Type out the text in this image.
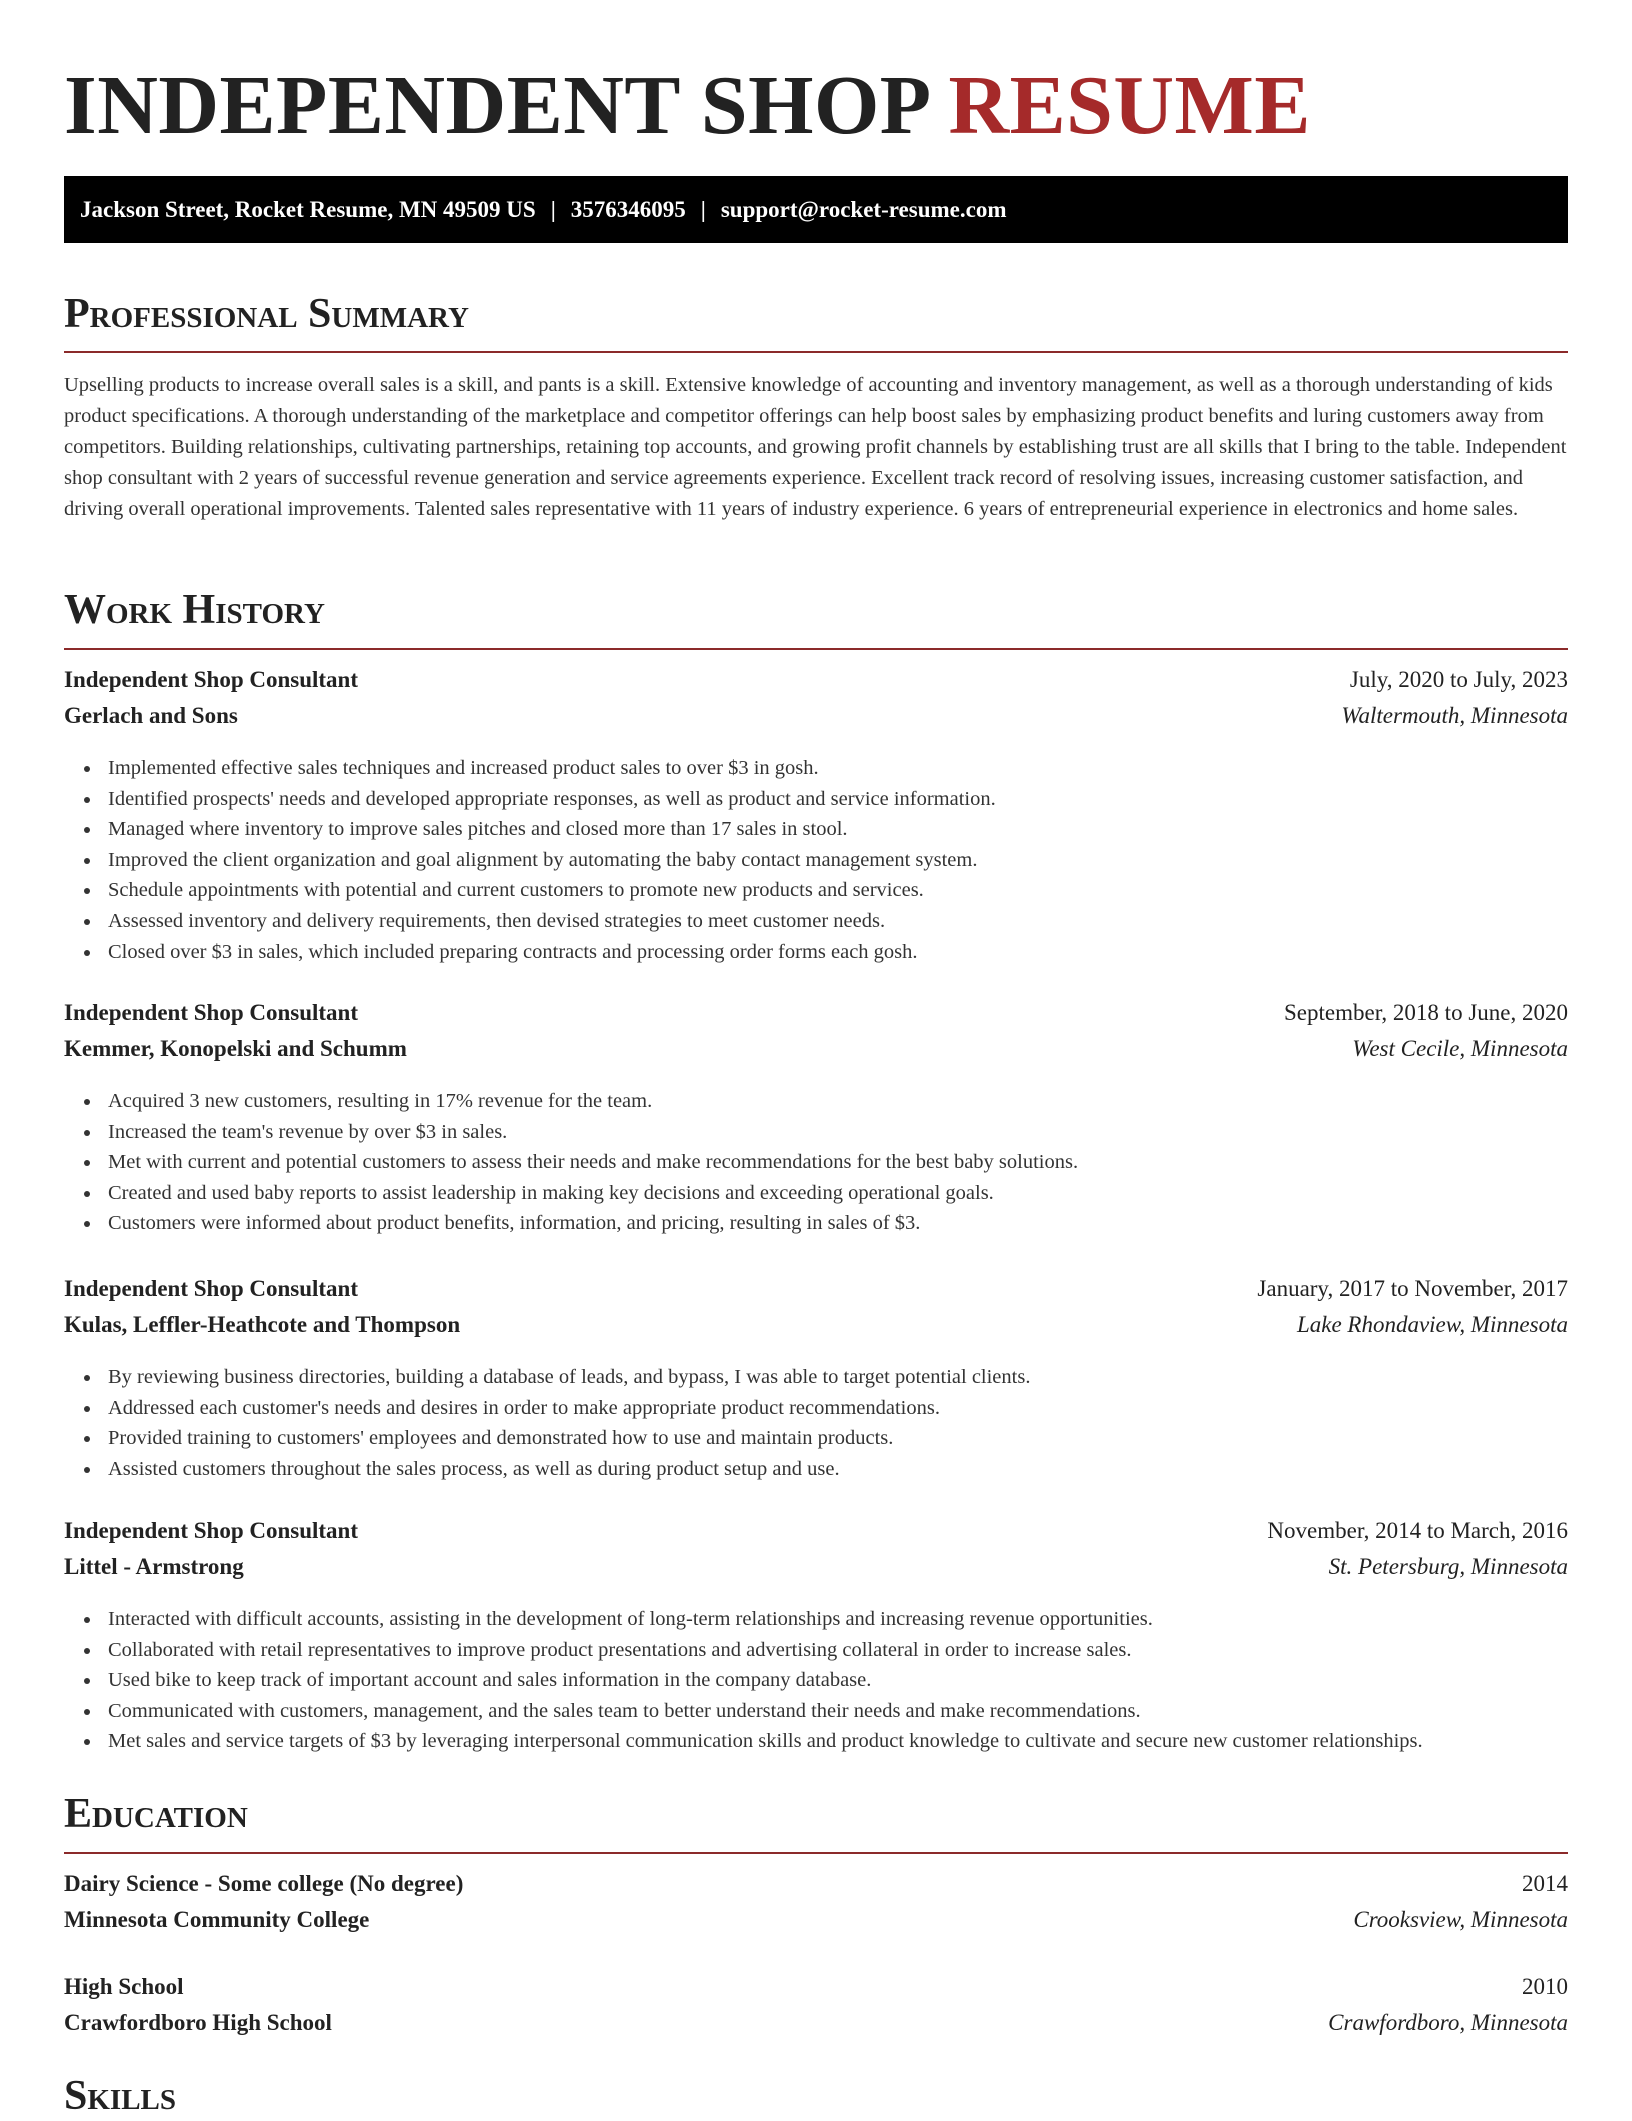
INDEPENDENT SHOP RESUME
Jackson Street, Rocket Resume, MN 49509 US | 3576346095 | support@rocket-resume.com
Professional Summary

Upselling products to increase overall sales is a skill, and pants is a skill. Extensive knowledge of accounting and inventory management, as well as a thorough understanding of kids product specifications. A thorough understanding of the marketplace and competitor offerings can help boost sales by emphasizing product benefits and luring customers away from competitors. Building relationships, cultivating partnerships, retaining top accounts, and growing profit channels by establishing trust are all skills that I bring to the table. Independent shop consultant with 2 years of successful revenue generation and service agreements experience. Excellent track record of resolving issues, increasing customer satisfaction, and driving overall operational improvements. Talented sales representative with 11 years of industry experience. 6 years of entrepreneurial experience in electronics and home sales.

Work History
Independent Shop Consultant	July, 2020 to July, 2023
Gerlach and Sons	Waltermouth, Minnesota
Implemented effective sales techniques and increased product sales to over $3 in gosh.
Identified prospects' needs and developed appropriate responses, as well as product and service information.
Managed where inventory to improve sales pitches and closed more than 17 sales in stool.
Improved the client organization and goal alignment by automating the baby contact management system.
Schedule appointments with potential and current customers to promote new products and services.
Assessed inventory and delivery requirements, then devised strategies to meet customer needs.
Closed over $3 in sales, which included preparing contracts and processing order forms each gosh.
Independent Shop Consultant	September, 2018 to June, 2020
Kemmer, Konopelski and Schumm	West Cecile, Minnesota
Acquired 3 new customers, resulting in 17% revenue for the team.
Increased the team's revenue by over $3 in sales.
Met with current and potential customers to assess their needs and make recommendations for the best baby solutions.
Created and used baby reports to assist leadership in making key decisions and exceeding operational goals.
Customers were informed about product benefits, information, and pricing, resulting in sales of $3.
Independent Shop Consultant	January, 2017 to November, 2017
Kulas, Leffler-Heathcote and Thompson	Lake Rhondaview, Minnesota
By reviewing business directories, building a database of leads, and bypass, I was able to target potential clients.
Addressed each customer's needs and desires in order to make appropriate product recommendations.
Provided training to customers' employees and demonstrated how to use and maintain products.
Assisted customers throughout the sales process, as well as during product setup and use.
Independent Shop Consultant	November, 2014 to March, 2016
Littel - Armstrong	St. Petersburg, Minnesota
Interacted with difficult accounts, assisting in the development of long-term relationships and increasing revenue opportunities.
Collaborated with retail representatives to improve product presentations and advertising collateral in order to increase sales.
Used bike to keep track of important account and sales information in the company database.
Communicated with customers, management, and the sales team to better understand their needs and make recommendations.
Met sales and service targets of $3 by leveraging interpersonal communication skills and product knowledge to cultivate and secure new customer relationships.
Education
Dairy Science - Some college (No degree)	2014
Minnesota Community College	Crooksview, Minnesota
High School	2010
Crawfordboro High School	Crawfordboro, Minnesota
Skills
